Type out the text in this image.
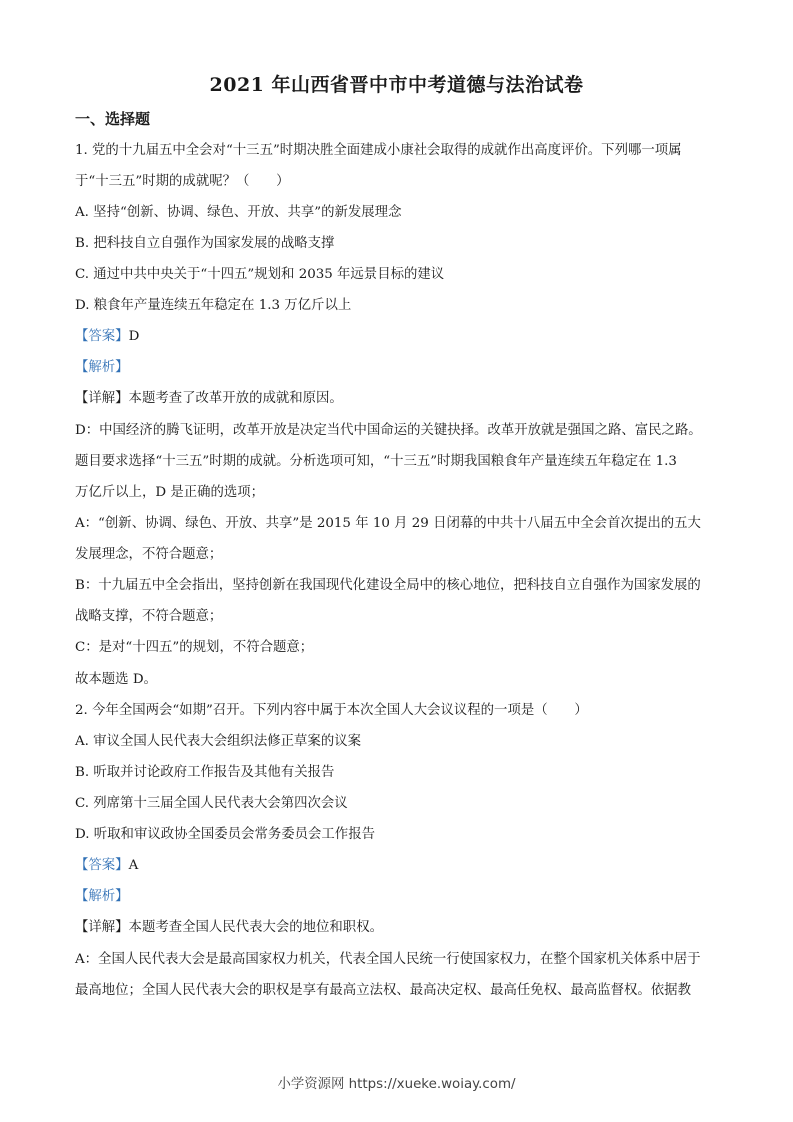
2021 年山西省晋中市中考道德与法治试卷
一、选择题
1. 党的十九届五中全会对“十三五”时期决胜全面建成小康社会取得的成就作出高度评价。下列哪一项属
于“十三五”时期的成就呢？（　　）
A. 坚持“创新、协调、绿色、开放、共享”的新发展理念
B. 把科技自立自强作为国家发展的战略支撑
C. 通过中共中央关于“十四五”规划和 2035 年远景目标的建议
D. 粮食年产量连续五年稳定在 1.3 万亿斤以上
【答案】D
【解析】
【详解】本题考查了改革开放的成就和原因。
D：中国经济的腾飞证明，改革开放是决定当代中国命运的关键抉择。改革开放就是强国之路、富民之路。
题目要求选择“十三五”时期的成就。分析选项可知，“十三五”时期我国粮食年产量连续五年稳定在 1.3
万亿斤以上，D 是正确的选项；
A：“创新、协调、绿色、开放、共享”是 2015 年 10 月 29 日闭幕的中共十八届五中全会首次提出的五大
发展理念，不符合题意；
B：十九届五中全会指出，坚持创新在我国现代化建设全局中的核心地位，把科技自立自强作为国家发展的
战略支撑，不符合题意；
C：是对“十四五”的规划，不符合题意；
故本题选 D。
2. 今年全国两会“如期”召开。下列内容中属于本次全国人大会议议程的一项是（　　）
A. 审议全国人民代表大会组织法修正草案的议案
B. 听取并讨论政府工作报告及其他有关报告
C. 列席第十三届全国人民代表大会第四次会议
D. 听取和审议政协全国委员会常务委员会工作报告
【答案】A
【解析】
【详解】本题考查全国人民代表大会的地位和职权。
A：全国人民代表大会是最高国家权力机关，代表全国人民统一行使国家权力，在整个国家机关体系中居于
最高地位；全国人民代表大会的职权是享有最高立法权、最高决定权、最高任免权、最高监督权。依据教
小学资源网 https://xueke.woiay.com/
